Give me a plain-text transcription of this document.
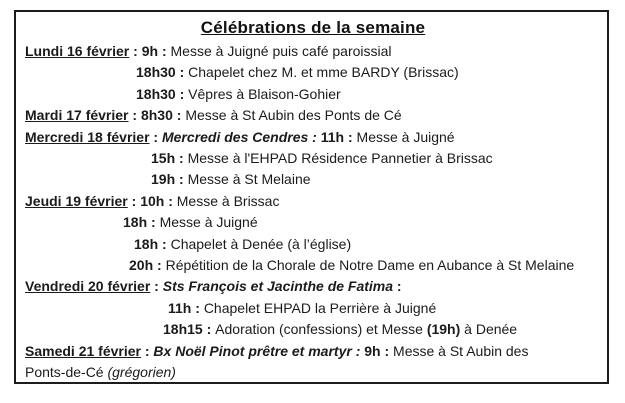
Célébrations de la semaine
Lundi 16 février : 9h : Messe à Juigné puis café paroissial
18h30 : Chapelet chez M. et mme BARDY (Brissac)
18h30 : Vêpres à Blaison-Gohier
Mardi 17 février : 8h30 : Messe à St Aubin des Ponts de Cé
Mercredi 18 février : Mercredi des Cendres : 11h : Messe à Juigné
15h : Messe à l'EHPAD Résidence Pannetier à Brissac
19h : Messe à St Melaine
Jeudi 19 février : 10h : Messe à Brissac
18h : Messe à Juigné
18h : Chapelet à Denée (à l’église)
20h : Répétition de la Chorale de Notre Dame en Aubance à St Melaine
Vendredi 20 février : Sts François et Jacinthe de Fatima :
11h : Chapelet EHPAD la Perrière à Juigné
18h15 : Adoration (confessions) et Messe (19h) à Denée
Samedi 21 février : Bx Noël Pinot prêtre et martyr : 9h : Messe à St Aubin des
Ponts-de-Cé (grégorien)
